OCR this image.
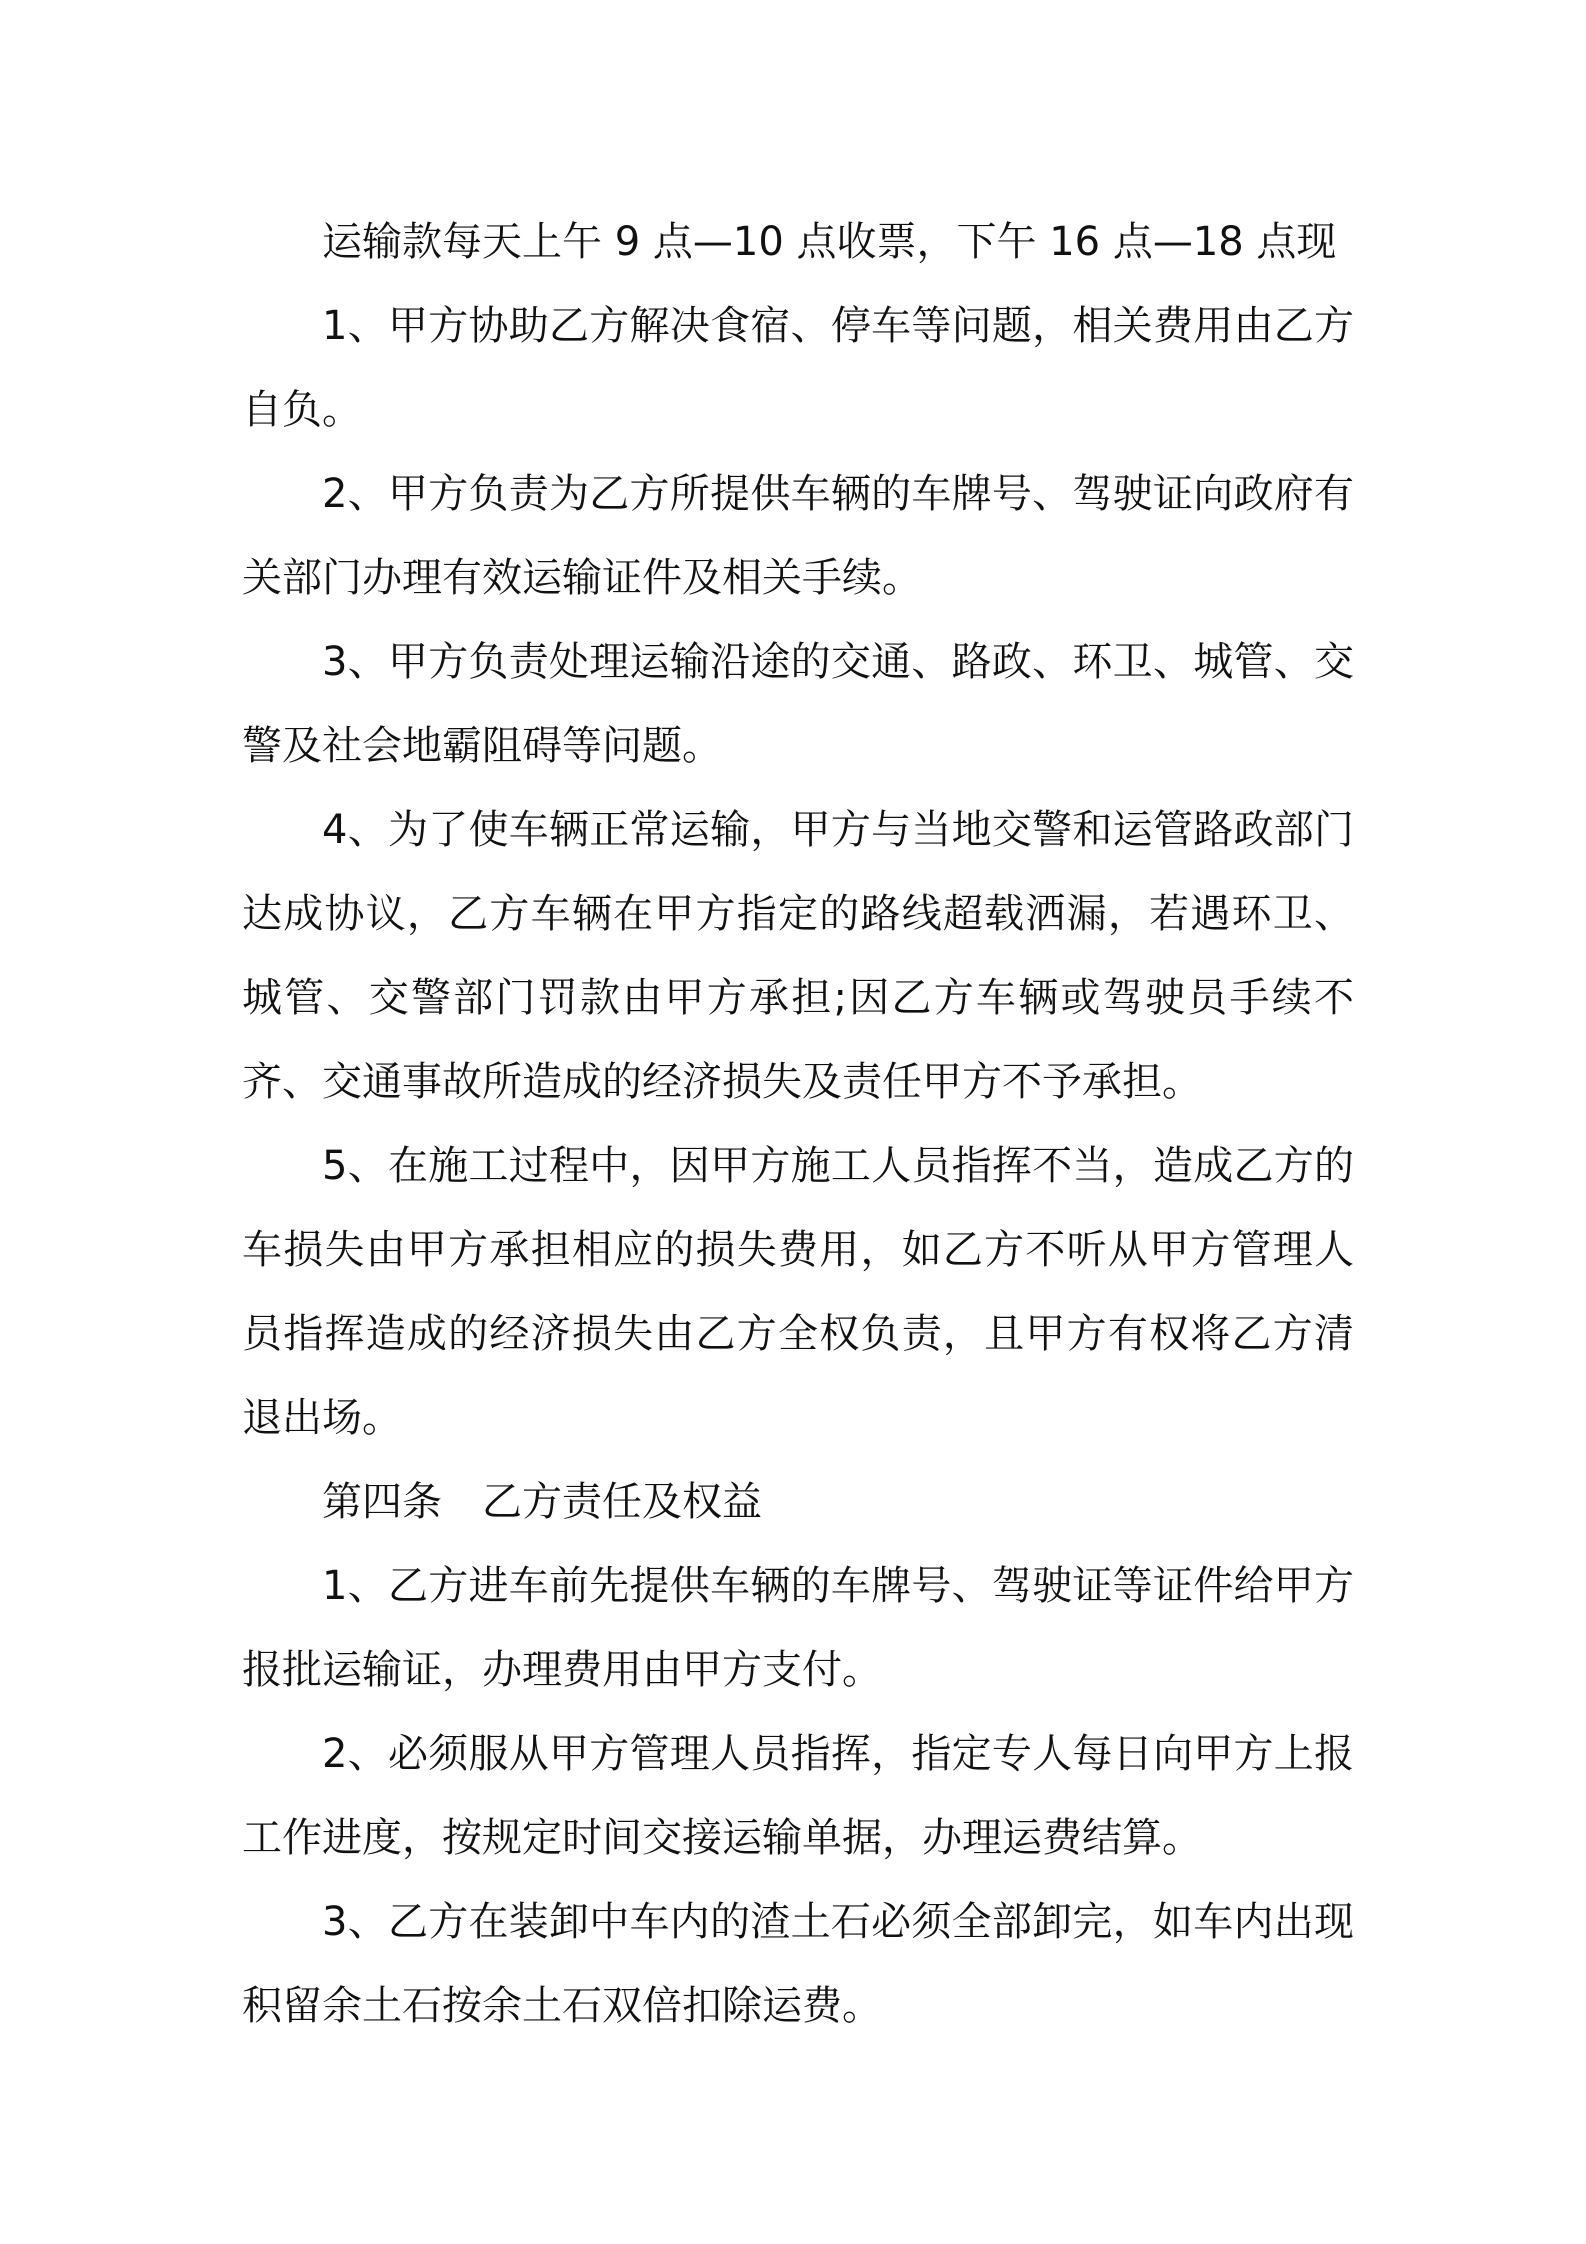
运输款每天上午 9 点—10 点收票，下午 16 点—18 点现

1、甲方协助乙方解决食宿、停车等问题，相关费用由乙方自负。

2、甲方负责为乙方所提供车辆的车牌号、驾驶证向政府有关部门办理有效运输证件及相关手续。

3、甲方负责处理运输沿途的交通、路政、环卫、城管、交警及社会地霸阻碍等问题。

4、为了使车辆正常运输，甲方与当地交警和运管路政部门达成协议，乙方车辆在甲方指定的路线超载洒漏，若遇环卫、城管、交警部门罚款由甲方承担;因乙方车辆或驾驶员手续不齐、交通事故所造成的经济损失及责任甲方不予承担。

5、在施工过程中，因甲方施工人员指挥不当，造成乙方的车损失由甲方承担相应的损失费用，如乙方不听从甲方管理人员指挥造成的经济损失由乙方全权负责，且甲方有权将乙方清退出场。

第四条 乙方责任及权益

1、乙方进车前先提供车辆的车牌号、驾驶证等证件给甲方报批运输证，办理费用由甲方支付。

2、必须服从甲方管理人员指挥，指定专人每日向甲方上报工作进度，按规定时间交接运输单据，办理运费结算。

3、乙方在装卸中车内的渣土石必须全部卸完，如车内出现积留余土石按余土石双倍扣除运费。
